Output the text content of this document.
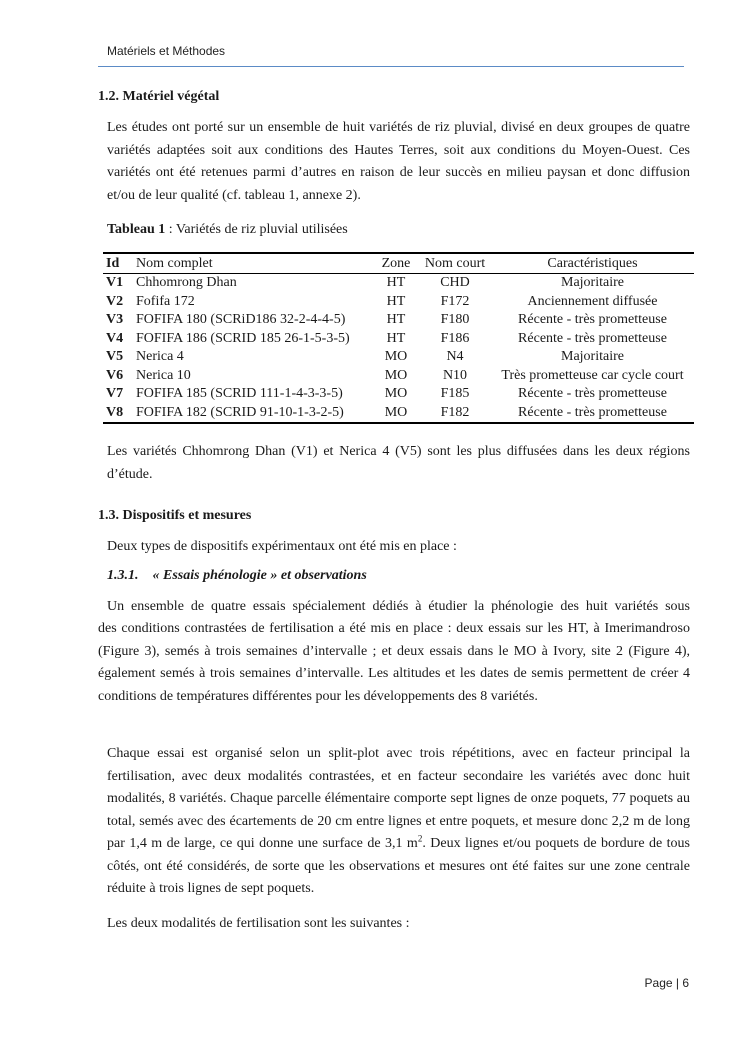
Matériels et Méthodes
1.2. Matériel végétal
Les études ont porté sur un ensemble de huit variétés de riz pluvial, divisé en deux groupes de quatre variétés adaptées soit aux conditions des Hautes Terres, soit aux conditions du Moyen-Ouest. Ces variétés ont été retenues parmi d’autres en raison de leur succès en milieu paysan et donc diffusion et/ou de leur qualité (cf. tableau 1, annexe 2).
Tableau 1 : Variétés de riz pluvial utilisées
Id	Nom complet	Zone	Nom court	Caractéristiques
V1	Chhomrong Dhan	HT	CHD	Majoritaire
V2	Fofifa 172	HT	F172	Anciennement diffusée
V3	FOFIFA 180 (SCRiD186 32-2-4-4-5)	HT	F180	Récente - très prometteuse
V4	FOFIFA 186 (SCRID 185 26-1-5-3-5)	HT	F186	Récente - très prometteuse
V5	Nerica 4	MO	N4	Majoritaire
V6	Nerica 10	MO	N10	Très prometteuse car cycle court
V7	FOFIFA 185 (SCRID 111-1-4-3-3-5)	MO	F185	Récente - très prometteuse
V8	FOFIFA 182 (SCRID 91-10-1-3-2-5)	MO	F182	Récente - très prometteuse
Les variétés Chhomrong Dhan (V1) et Nerica 4 (V5) sont les plus diffusées dans les deux régions d’étude.
1.3. Dispositifs et mesures
Deux types de dispositifs expérimentaux ont été mis en place :
1.3.1. « Essais phénologie » et observations
Un ensemble de quatre essais spécialement dédiés à étudier la phénologie des huit variétés sous
des conditions contrastées de fertilisation a été mis en place : deux essais sur les HT, à Imerimandroso (Figure 3), semés à trois semaines d’intervalle ; et deux essais dans le MO à Ivory, site 2 (Figure 4), également semés à trois semaines d’intervalle. Les altitudes et les dates de semis permettent de créer 4 conditions de températures différentes pour les développements des 8 variétés.
Chaque essai est organisé selon un split-plot avec trois répétitions, avec en facteur principal la fertilisation, avec deux modalités contrastées, et en facteur secondaire les variétés avec donc huit modalités, 8 variétés. Chaque parcelle élémentaire comporte sept lignes de onze poquets, 77 poquets au total, semés avec des écartements de 20 cm entre lignes et entre poquets, et mesure donc 2,2 m de long par 1,4 m de large, ce qui donne une surface de 3,1 $m^2$. Deux lignes et/ou poquets de bordure de tous côtés, ont été considérés, de sorte que les observations et mesures ont été faites sur une zone centrale réduite à trois lignes de sept poquets.
Les deux modalités de fertilisation sont les suivantes :
Page | 6
